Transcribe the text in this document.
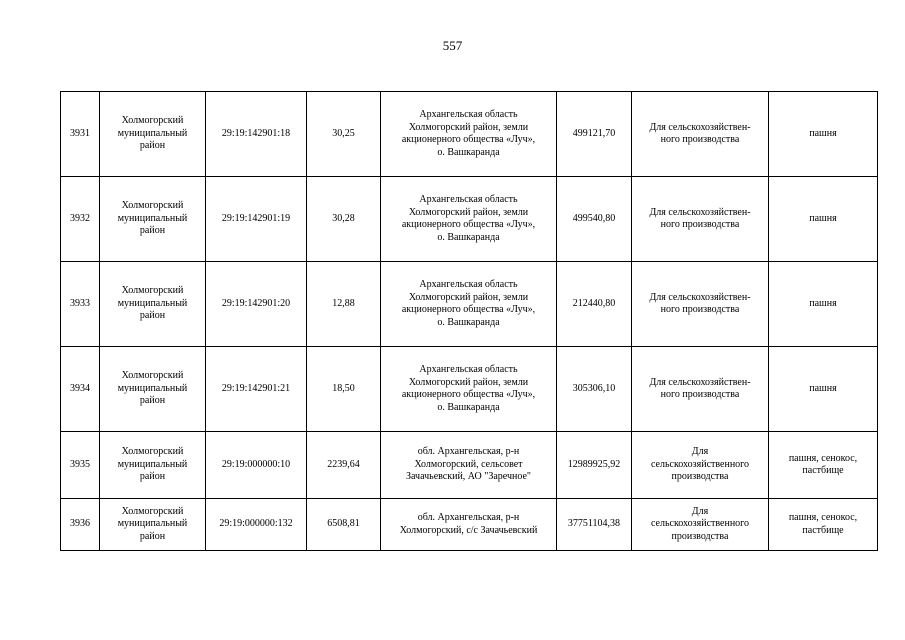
557
3931	Холмогорский
муниципальный
район	29:19:142901:18	30,25	Архангельская область
Холмогорский район, земли
акционерного общества «Луч»,
о. Вашкаранда	499121,70	Для сельскохозяйствен-
ного производства	пашня
3932	Холмогорский
муниципальный
район	29:19:142901:19	30,28	Архангельская область
Холмогорский район, земли
акционерного общества «Луч»,
о. Вашкаранда	499540,80	Для сельскохозяйствен-
ного производства	пашня
3933	Холмогорский
муниципальный
район	29:19:142901:20	12,88	Архангельская область
Холмогорский район, земли
акционерного общества «Луч»,
о. Вашкаранда	212440,80	Для сельскохозяйствен-
ного производства	пашня
3934	Холмогорский
муниципальный
район	29:19:142901:21	18,50	Архангельская область
Холмогорский район, земли
акционерного общества «Луч»,
о. Вашкаранда	305306,10	Для сельскохозяйствен-
ного производства	пашня
3935	Холмогорский
муниципальный
район	29:19:000000:10	2239,64	обл. Архангельская, р-н
Холмогорский, сельсовет
Зачачьевский, АО "Заречное"	12989925,92	Для
сельскохозяйственного
производства	пашня, сенокос,
пастбище
3936	Холмогорский
муниципальный
район	29:19:000000:132	6508,81	обл. Архангельская, р-н
Холмогорский, с/с Зачачьевский	37751104,38	Для
сельскохозяйственного
производства	пашня, сенокос,
пастбище
